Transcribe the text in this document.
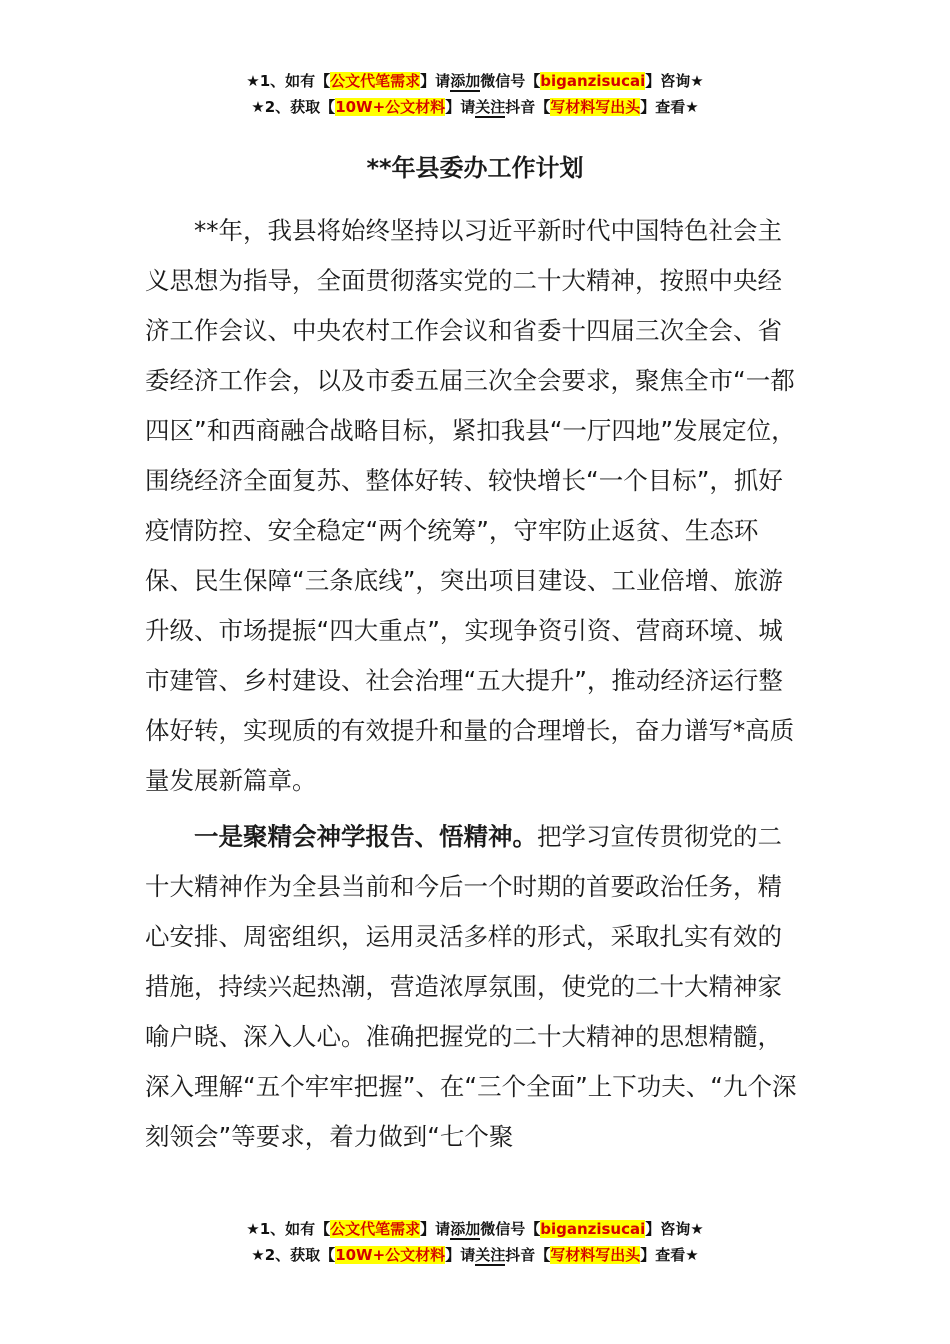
★1、如有【公文代笔需求】请添加微信号【biganzisucai】咨询★
★2、获取【10W+公文材料】请关注抖音【写材料写出头】查看★
**年县委办工作计划

**年，我县将始终坚持以习近平新时代中国特色社会主义思想为指导，全面贯彻落实党的二十大精神，按照中央经济工作会议、中央农村工作会议和省委十四届三次全会、省委经济工作会，以及市委五届三次全会要求，聚焦全市“一都四区”和西商融合战略目标，紧扣我县“一厅四地”发展定位，围绕经济全面复苏、整体好转、较快增长“一个目标”，抓好疫情防控、安全稳定“两个统筹”，守牢防止返贫、生态环保、民生保障“三条底线”，突出项目建设、工业倍增、旅游升级、市场提振“四大重点”，实现争资引资、营商环境、城市建管、乡村建设、社会治理“五大提升”，推动经济运行整体好转，实现质的有效提升和量的合理增长，奋力谱写*高质量发展新篇章。

一是聚精会神学报告、悟精神。把学习宣传贯彻党的二十大精神作为全县当前和今后一个时期的首要政治任务，精心安排、周密组织，运用灵活多样的形式，采取扎实有效的措施，持续兴起热潮，营造浓厚氛围，使党的二十大精神家喻户晓、深入人心。准确把握党的二十大精神的思想精髓，深入理解“五个牢牢把握”、在“三个全面”上下功夫、“九个深刻领会”等要求，着力做到“七个聚

★1、如有【公文代笔需求】请添加微信号【biganzisucai】咨询★
★2、获取【10W+公文材料】请关注抖音【写材料写出头】查看★
